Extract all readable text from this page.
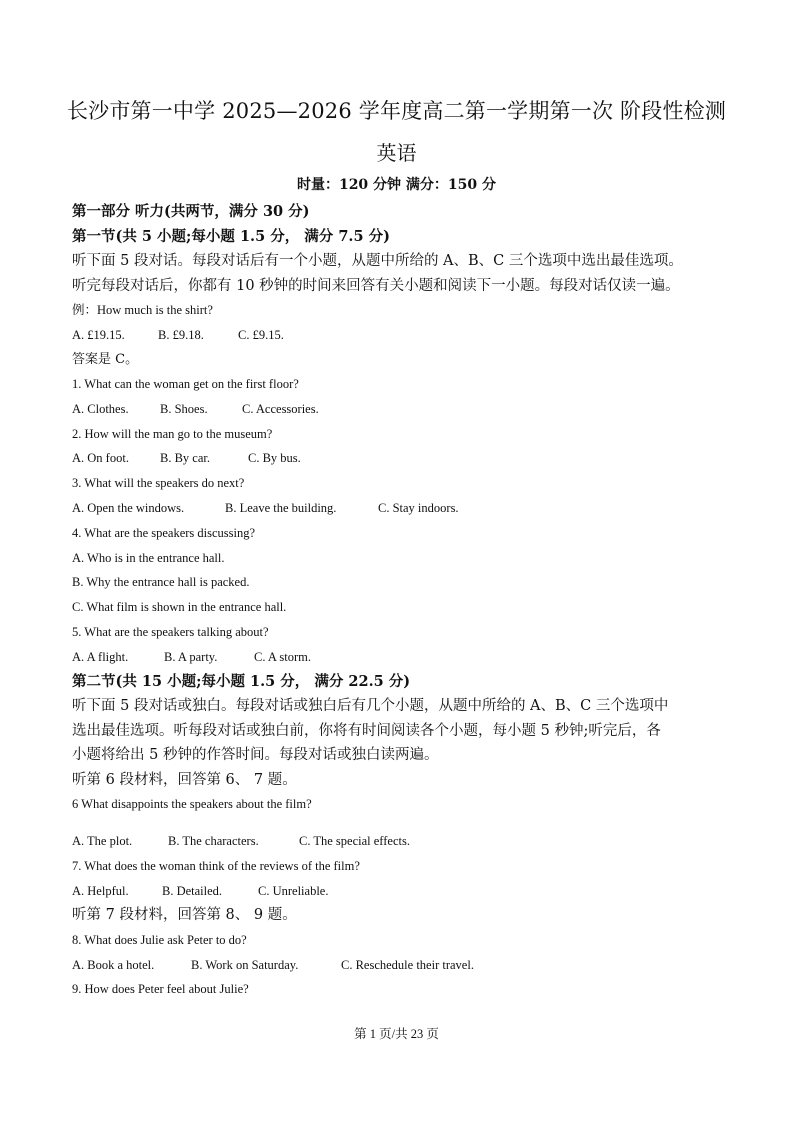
长沙市第一中学 2025—2026 学年度高二第一学期第一次 阶段性检测
英语
时量：120 分钟 满分：150 分

第一部分 听力(共两节，满分 30 分)

第一节(共 5 小题;每小题 1.5 分， 满分 7.5 分)

听下面 5 段对话。每段对话后有一个小题，从题中所给的 A、B、C 三个选项中选出最佳选项。

听完每段对话后，你都有 10 秒钟的时间来回答有关小题和阅读下一小题。每段对话仅读一遍。

例：How much is the shirt?

A. £19.15.	B. £9.18.	C. £9.15.

答案是 C。

1. What can the woman get on the first floor?

A. Clothes.	B. Shoes.	C. Accessories.

2. How will the man go to the museum?

A. On foot. B. By car.	C. By bus.

3. What will the speakers do next?

A. Open the windows.	B. Leave the building.	C. Stay indoors.

4. What are the speakers discussing?

A. Who is in the entrance hall.

B. Why the entrance hall is packed.

C. What film is shown in the entrance hall.

5. What are the speakers talking about?

A. A flight.	B. A party.	C. A storm.

第二节(共 15 小题;每小题 1.5 分， 满分 22.5 分)

听下面 5 段对话或独白。每段对话或独白后有几个小题，从题中所给的 A、B、C 三个选项中

选出最佳选项。听每段对话或独白前，你将有时间阅读各个小题，每小题 5 秒钟;听完后，各

小题将给出 5 秒钟的作答时间。每段对话或独白读两遍。

听第 6 段材料，回答第 6、 7 题。

6 What disappoints the speakers about the film?

A. The plot.	B. The characters.	C. The special effects.

7. What does the woman think of the reviews of the film?

A. Helpful.	B. Detailed.	C. Unreliable.

听第 7 段材料，回答第 8、 9 题。

8. What does Julie ask Peter to do?

A. Book a hotel.	B. Work on Saturday.	C. Reschedule their travel.

9. How does Peter feel about Julie?

第 1 页/共 23 页
